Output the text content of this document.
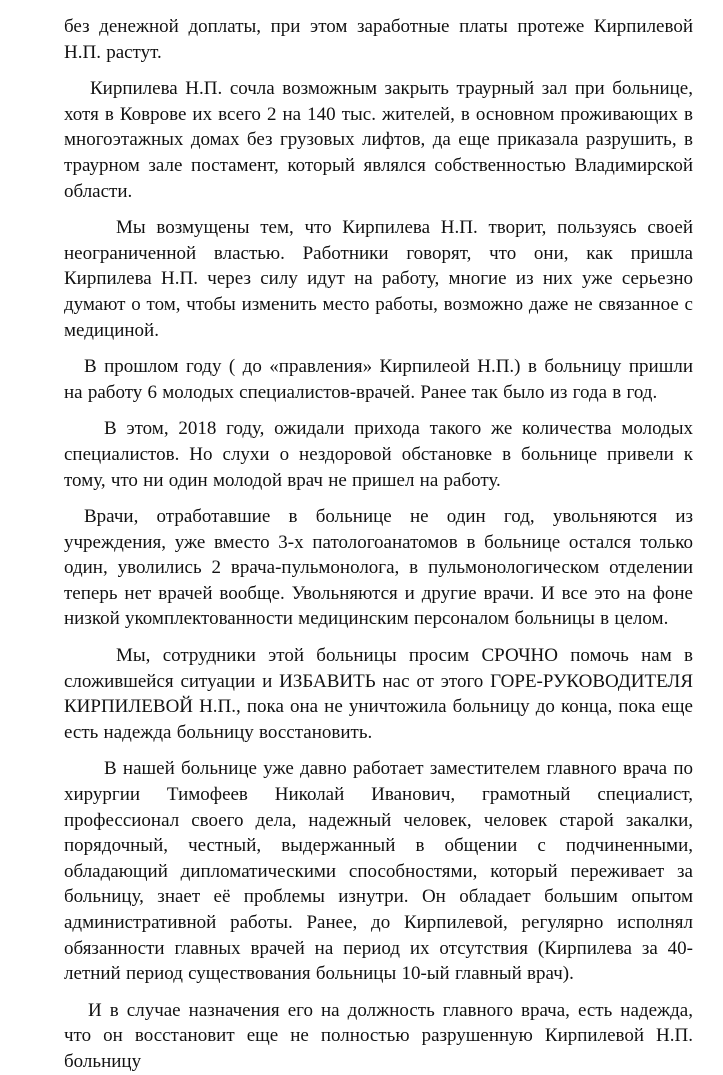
без денежной доплаты, при этом заработные платы протеже Кирпилевой Н.П. растут.

Кирпилева Н.П. сочла возможным закрыть траурный зал при больнице, хотя в Коврове их всего 2 на 140 тыс. жителей, в основном проживающих в многоэтажных домах без грузовых лифтов, да еще приказала разрушить, в траурном зале постамент, который являлся собственностью Владимирской области.

Мы возмущены тем, что Кирпилева Н.П. творит, пользуясь своей неограниченной властью. Работники говорят, что они, как пришла Кирпилева Н.П. через силу идут на работу, многие из них уже серьезно думают о том, чтобы изменить место работы, возможно даже не связанное с медициной.

В прошлом году ( до «правления» Кирпилеой Н.П.) в больницу пришли на работу 6 молодых специалистов-врачей. Ранее так было из года в год.

В этом, 2018 году, ожидали прихода такого же количества молодых специалистов. Но слухи о нездоровой обстановке в больнице привели к тому, что ни один молодой врач не пришел на работу.

Врачи, отработавшие в больнице не один год, увольняются из учреждения, уже вместо 3-х патологоанатомов в больнице остался только один, уволились 2 врача-пульмонолога, в пульмонологическом отделении теперь нет врачей вообще. Увольняются и другие врачи. И все это на фоне низкой укомплектованности медицинским персоналом больницы в целом.

Мы, сотрудники этой больницы просим СРОЧНО помочь нам в сложившейся ситуации и ИЗБАВИТЬ нас от этого ГОРЕ-РУКОВОДИТЕЛЯ КИРПИЛЕВОЙ Н.П., пока она не уничтожила больницу до конца, пока еще есть надежда больницу восстановить.

В нашей больнице уже давно работает заместителем главного врача по хирургии Тимофеев Николай Иванович, грамотный специалист, профессионал своего дела, надежный человек, человек старой закалки, порядочный, честный, выдержанный в общении с подчиненными, обладающий дипломатическими способностями, который переживает за больницу, знает её проблемы изнутри. Он обладает большим опытом административной работы. Ранее, до Кирпилевой, регулярно исполнял обязанности главных врачей на период их отсутствия (Кирпилева за 40-летний период существования больницы 10-ый главный врач).

И в случае назначения его на должность главного врача, есть надежда, что он восстановит еще не полностью разрушенную Кирпилевой Н.П. больницу
